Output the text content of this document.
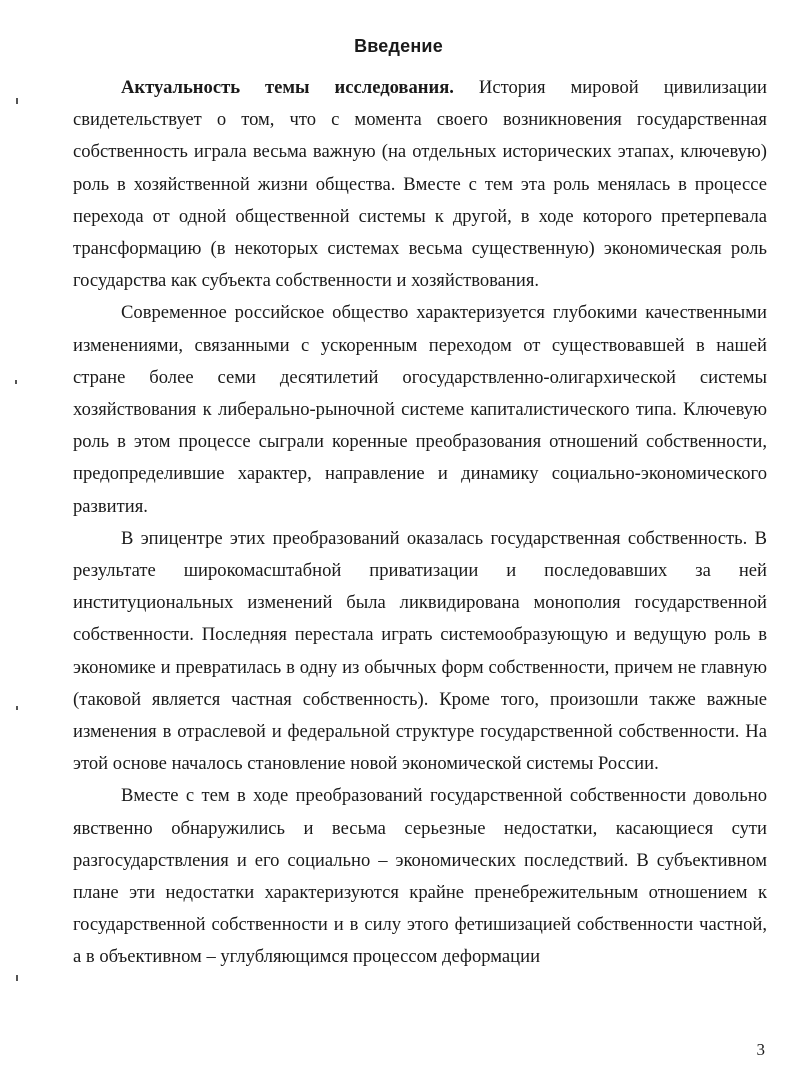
Введение

Актуальность темы исследования. История мировой цивилизации свидетельствует о том, что с момента своего возникновения государственная собственность играла весьма важную (на отдельных исторических этапах, ключевую) роль в хозяйственной жизни общества. Вместе с тем эта роль менялась в процессе перехода от одной общественной системы к другой, в ходе которого претерпевала трансформацию (в некоторых системах весьма существенную) экономическая роль государства как субъекта собственности и хозяйствования.

Современное российское общество характеризуется глубокими качественными изменениями, связанными с ускоренным переходом от существовавшей в нашей стране более семи десятилетий огосударствленно-олигархической системы хозяйствования к либерально-рыночной системе капиталистического типа. Ключевую роль в этом процессе сыграли коренные преобразования отношений собственности, предопределившие характер, направление и динамику социально-экономического развития.

В эпицентре этих преобразований оказалась государственная собственность. В результате широкомасштабной приватизации и последовавших за ней институциональных изменений была ликвидирована монополия государственной собственности. Последняя перестала играть системообразующую и ведущую роль в экономике и превратилась в одну из обычных форм собственности, причем не главную (таковой является частная собственность). Кроме того, произошли также важные изменения в отраслевой и федеральной структуре государственной собственности. На этой основе началось становление новой экономической системы России.

Вместе с тем в ходе преобразований государственной собственности довольно явственно обнаружились и весьма серьезные недостатки, касающиеся сути разгосударствления и его социально – экономических последствий. В субъективном плане эти недостатки характеризуются крайне пренебрежительным отношением к государственной собственности и в силу этого фетишизацией собственности частной, а в объективном – углубляющимся процессом деформации

3
